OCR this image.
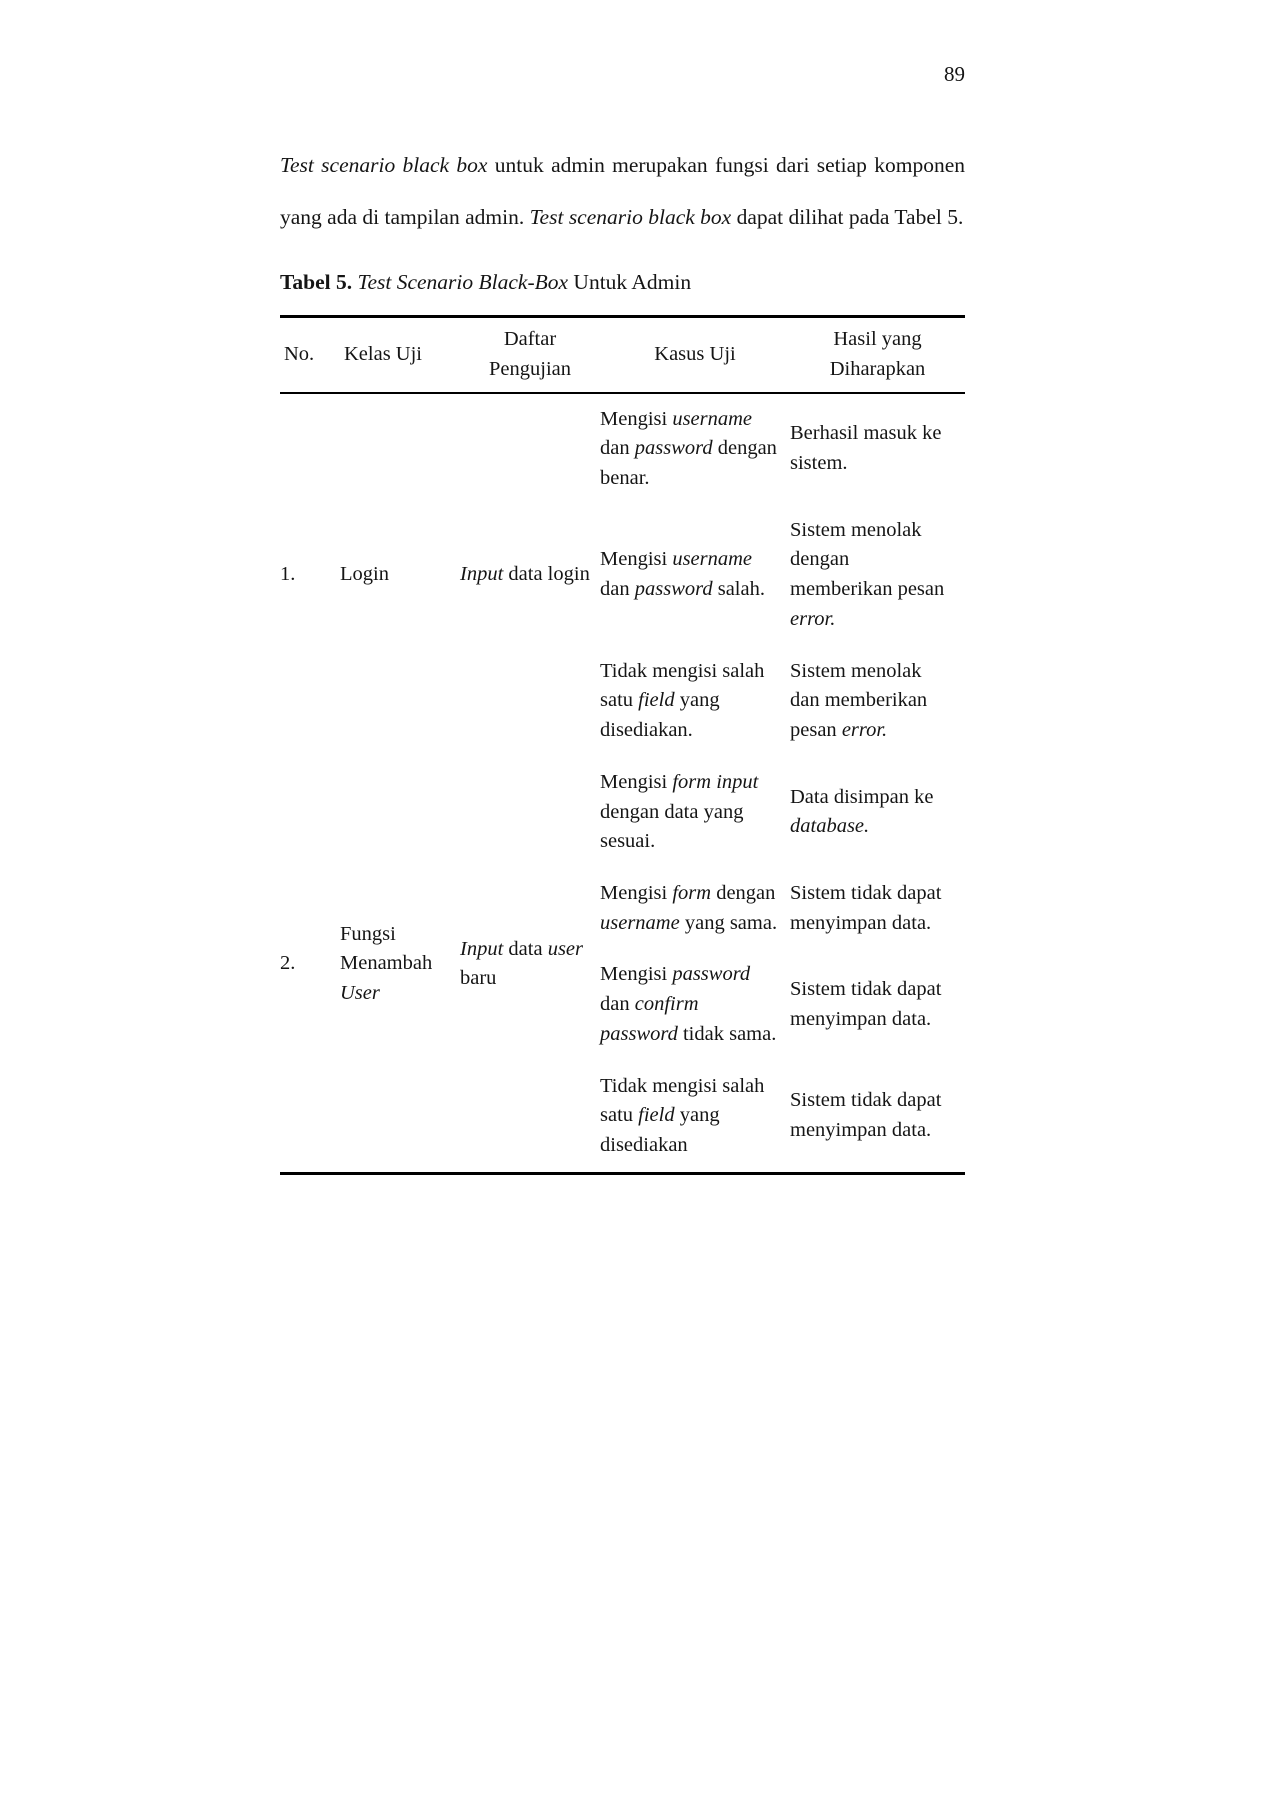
89

Test scenario black box untuk admin merupakan fungsi dari setiap komponen yang ada di tampilan admin. Test scenario black box dapat dilihat pada Tabel 5.

Tabel 5. Test Scenario Black-Box Untuk Admin

No.	Kelas Uji	Daftar Pengujian	Kasus Uji	Hasil yang Diharapkan
1.	Login	Input data login	Mengisi username dan password dengan benar.	Berhasil masuk ke sistem.
			Mengisi username dan password salah.	Sistem menolak dengan memberikan pesan error.
			Tidak mengisi salah satu field yang disediakan.	Sistem menolak dan memberikan pesan error.
2.	Fungsi Menambah User	Input data user baru	Mengisi form input dengan data yang sesuai.	Data disimpan ke database.
			Mengisi form dengan username yang sama.	Sistem tidak dapat menyimpan data.
			Mengisi password dan confirm password tidak sama.	Sistem tidak dapat menyimpan data.
			Tidak mengisi salah satu field yang disediakan	Sistem tidak dapat menyimpan data.
